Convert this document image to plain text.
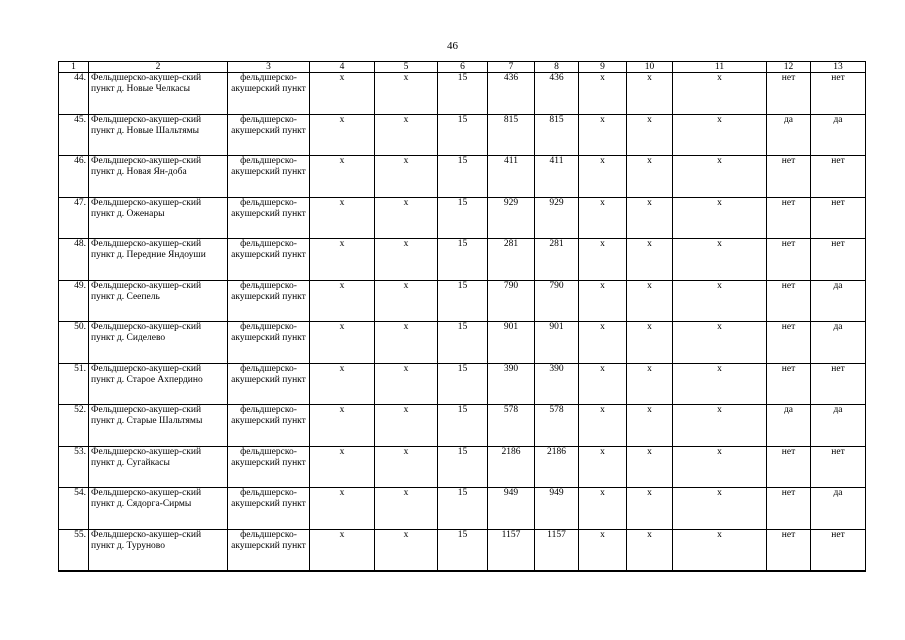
46
1	2	3	4	5	6	7	8	9	10	11	12	13
44.	Фельдшерско-акушер-ский пункт д. Новые Челкасы	фельдшерско-акушерский пункт	х	х	15	436	436	х	х	х	нет	нет
45.	Фельдшерско-акушер-ский пункт д. Новые Шальтямы	фельдшерско-акушерский пункт	х	х	15	815	815	х	х	х	да	да
46.	Фельдшерско-акушер-ский пункт д. Новая Ян-доба	фельдшерско-акушерский пункт	х	х	15	411	411	х	х	х	нет	нет
47.	Фельдшерско-акушер-ский пункт д. Оженары	фельдшерско-акушерский пункт	х	х	15	929	929	х	х	х	нет	нет
48.	Фельдшерско-акушер-ский пункт д. Передние Яндоуши	фельдшерско-акушерский пункт	х	х	15	281	281	х	х	х	нет	нет
49.	Фельдшерско-акушер-ский пункт д. Сеепель	фельдшерско-акушерский пункт	х	х	15	790	790	х	х	х	нет	да
50.	Фельдшерско-акушер-ский пункт д. Сиделево	фельдшерско-акушерский пункт	х	х	15	901	901	х	х	х	нет	да
51.	Фельдшерско-акушер-ский пункт д. Старое Ахпердино	фельдшерско-акушерский пункт	х	х	15	390	390	х	х	х	нет	нет
52.	Фельдшерско-акушер-ский пункт д. Старые Шальтямы	фельдшерско-акушерский пункт	х	х	15	578	578	х	х	х	да	да
53.	Фельдшерско-акушер-ский пункт д. Сугайкасы	фельдшерско-акушерский пункт	х	х	15	2186	2186	х	х	х	нет	нет
54.	Фельдшерско-акушер-ский пункт д. Сядорга-Сирмы	фельдшерско-акушерский пункт	х	х	15	949	949	х	х	х	нет	да
55.	Фельдшерско-акушер-ский пункт д. Туруново	фельдшерско-акушерский пункт	х	х	15	1157	1157	х	х	х	нет	нет
